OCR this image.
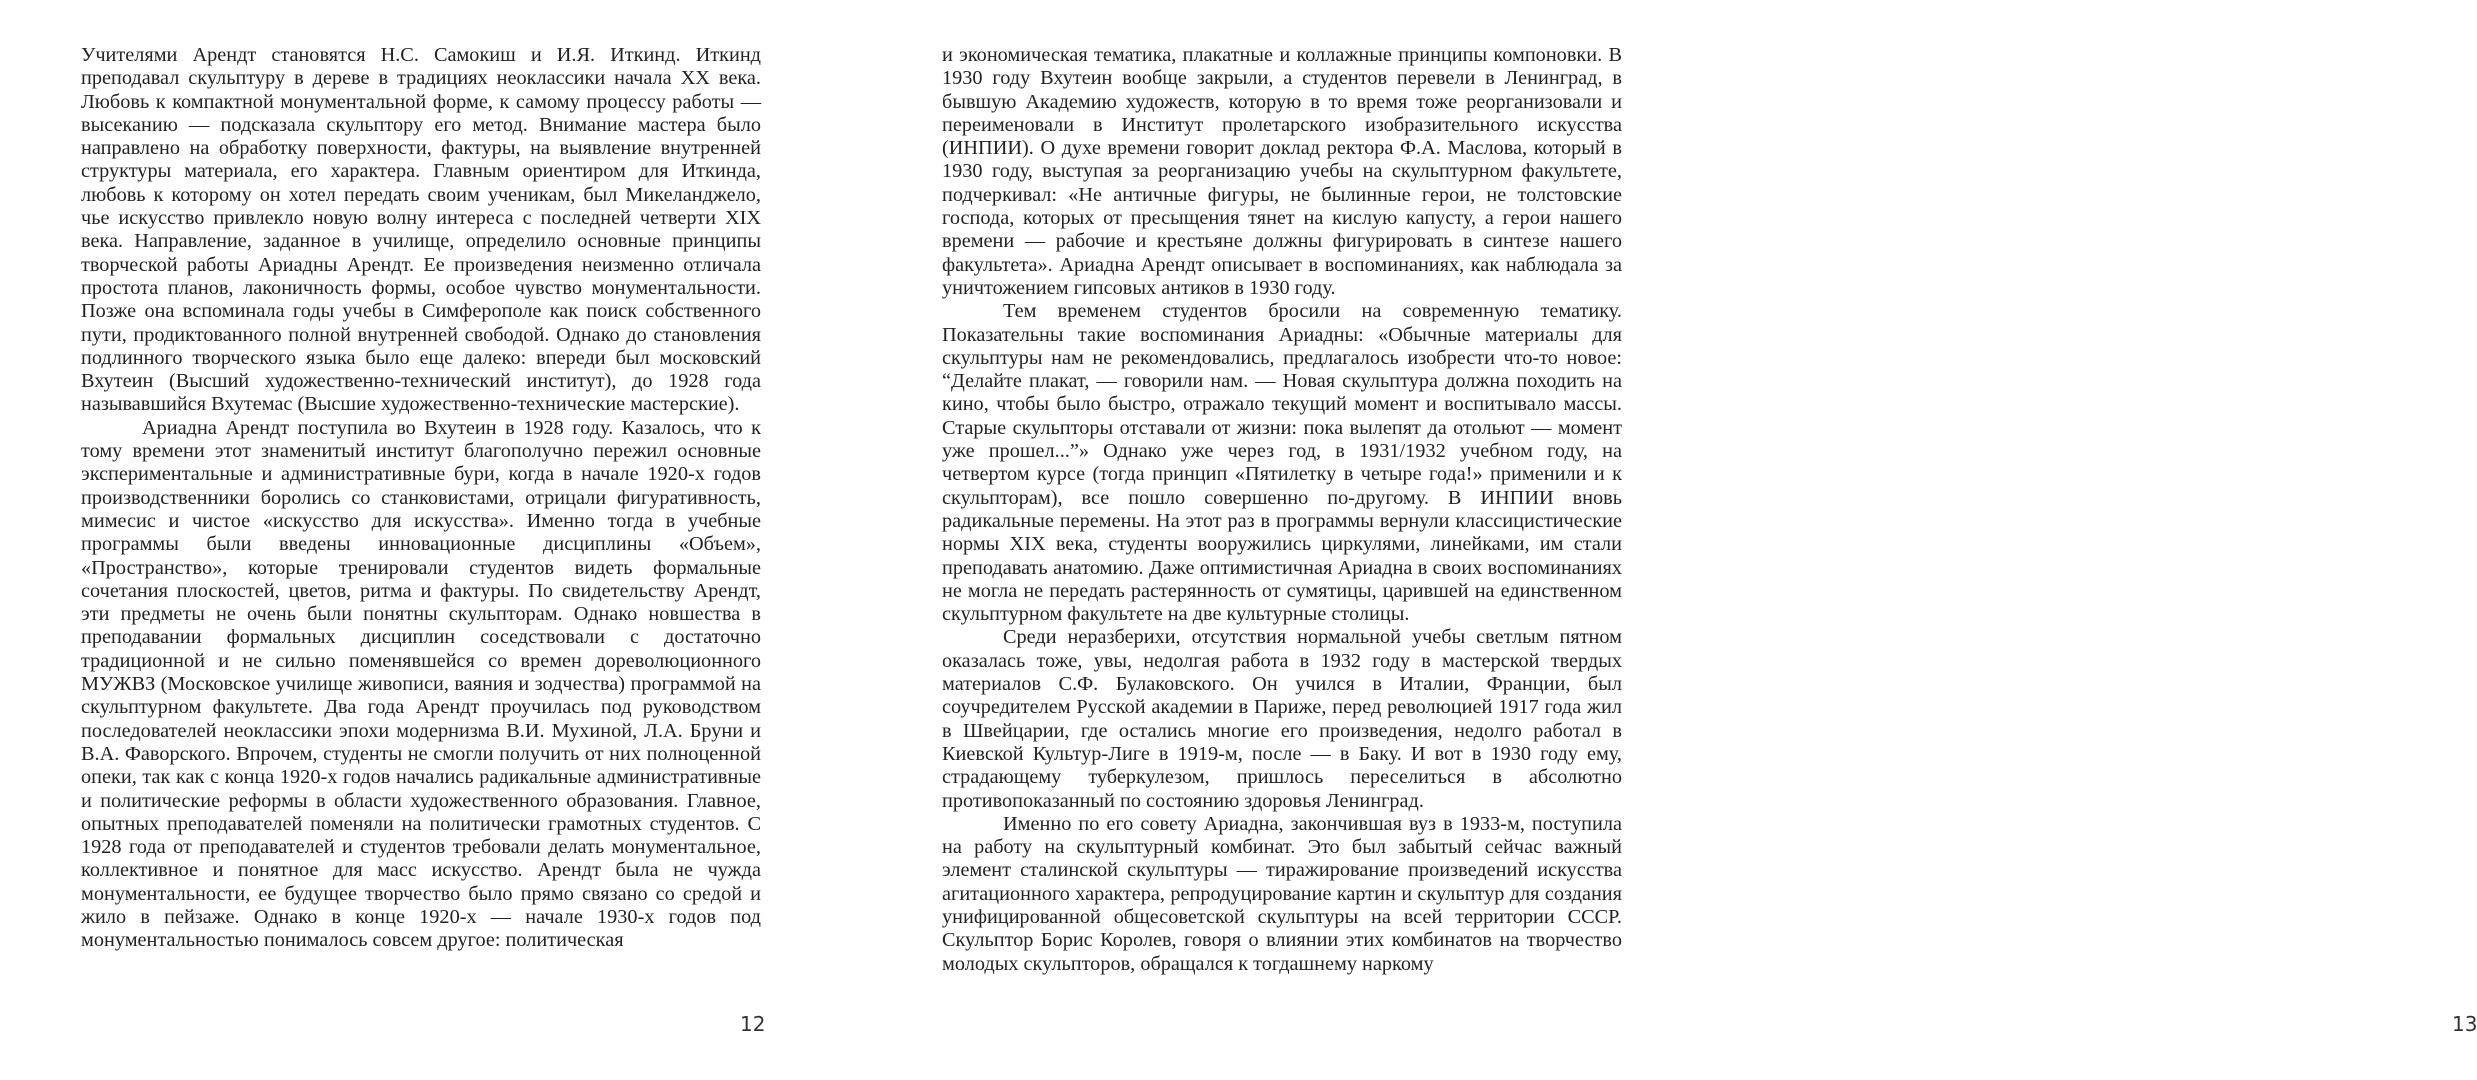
Учителями Арендт становятся Н.С. Самокиш и И.Я. Иткинд. Иткинд преподавал скульптуру в дереве в традициях неоклассики начала XX века. Любовь к компактной монументальной форме, к самому процессу работы — высеканию — подсказала скульптору его метод. Внимание мастера было направлено на обработку поверхности, фактуры, на выявление внутренней структуры материала, его характера. Главным ориентиром для Иткинда, любовь к которому он хотел передать своим ученикам, был Микеланджело, чье искусство привлекло новую волну интереса с последней четверти XIX века. Направление, заданное в училище, определило основные принципы творческой работы Ариадны Арендт. Ее произведения неизменно отличала простота планов, лаконичность формы, особое чувство монументальности. Позже она вспоминала годы учебы в Симферополе как поиск собственного пути, продиктованного полной внутренней свободой. Однако до становления подлинного творческого языка было еще далеко: впереди был московский Вхутеин (Высший художественно-технический институт), до 1928 года называвшийся Вхутемас (Высшие художественно-технические мастерские).

Ариадна Арендт поступила во Вхутеин в 1928 году. Казалось, что к тому времени этот знаменитый институт благополучно пережил основные экспериментальные и административные бури, когда в начале 1920-х годов производственники боролись со станковистами, отрицали фигуративность, мимесис и чистое «искусство для искусства». Именно тогда в учебные программы были введены инновационные дисциплины «Объем», «Пространство», которые тренировали студентов видеть формальные сочетания плоскостей, цветов, ритма и фактуры. По свидетельству Арендт, эти предметы не очень были понятны скульпторам. Однако новшества в преподавании формальных дисциплин соседствовали с достаточно традиционной и не сильно поменявшейся со времен дореволюционного МУЖВЗ (Московское училище живописи, ваяния и зодчества) программой на скульптурном факультете. Два года Арендт проучилась под руководством последователей неоклассики эпохи модернизма В.И. Мухиной, Л.А. Бруни и В.А. Фаворского. Впрочем, студенты не смогли получить от них полноценной опеки, так как с конца 1920-х годов начались радикальные административные и политические реформы в области художественного образования. Главное, опытных преподавателей поменяли на политически грамотных студентов. С 1928 года от преподавателей и студентов требовали делать монументальное, коллективное и понятное для масс искусство. Арендт была не чужда монументальности, ее будущее творчество было прямо связано со средой и жило в пейзаже. Однако в конце 1920-х — начале 1930-х годов под монументальностью понималось совсем другое: политическая

12

и экономическая тематика, плакатные и коллажные принципы компоновки. В 1930 году Вхутеин вообще закрыли, а студентов перевели в Ленинград, в бывшую Академию художеств, которую в то время тоже реорганизовали и переименовали в Институт пролетарского изобразительного искусства (ИНПИИ). О духе времени говорит доклад ректора Ф.А. Маслова, который в 1930 году, выступая за реорганизацию учебы на скульптурном факультете, подчеркивал: «Не античные фигуры, не былинные герои, не толстовские господа, которых от пресыщения тянет на кислую капусту, а герои нашего времени — рабочие и крестьяне должны фигурировать в синтезе нашего факультета». Ариадна Арендт описывает в воспоминаниях, как наблюдала за уничтожением гипсовых антиков в 1930 году.

Тем временем студентов бросили на современную тематику. Показательны такие воспоминания Ариадны: «Обычные материалы для скульптуры нам не рекомендовались, предлагалось изобрести что-то новое: “Делайте плакат, — говорили нам. — Новая скульптура должна походить на кино, чтобы было быстро, отражало текущий момент и воспитывало массы. Старые скульпторы отставали от жизни: пока вылепят да отольют — момент уже прошел...”» Однако уже через год, в 1931/1932 учебном году, на четвертом курсе (тогда принцип «Пятилетку в четыре года!» применили и к скульпторам), все пошло совершенно по-другому. В ИНПИИ вновь радикальные перемены. На этот раз в программы вернули классицистические нормы XIX века, студенты вооружились циркулями, линейками, им стали преподавать анатомию. Даже оптимистичная Ариадна в своих воспоминаниях не могла не передать растерянность от сумятицы, царившей на единственном скульптурном факультете на две культурные столицы.

Среди неразберихи, отсутствия нормальной учебы светлым пятном оказалась тоже, увы, недолгая работа в 1932 году в мастерской твердых материалов С.Ф. Булаковского. Он учился в Италии, Франции, был соучредителем Русской академии в Париже, перед революцией 1917 года жил в Швейцарии, где остались многие его произведения, недолго работал в Киевской Культур-Лиге в 1919-м, после — в Баку. И вот в 1930 году ему, страдающему туберкулезом, пришлось переселиться в абсолютно противопоказанный по состоянию здоровья Ленинград.

Именно по его совету Ариадна, закончившая вуз в 1933-м, поступила на работу на скульптурный комбинат. Это был забытый сейчас важный элемент сталинской скульптуры — тиражирование произведений искусства агитационного характера, репродуцирование картин и скульптур для создания унифицированной общесоветской скульптуры на всей территории СССР. Скульптор Борис Королев, говоря о влиянии этих комбинатов на творчество молодых скульпторов, обращался к тогдашнему наркому

13
